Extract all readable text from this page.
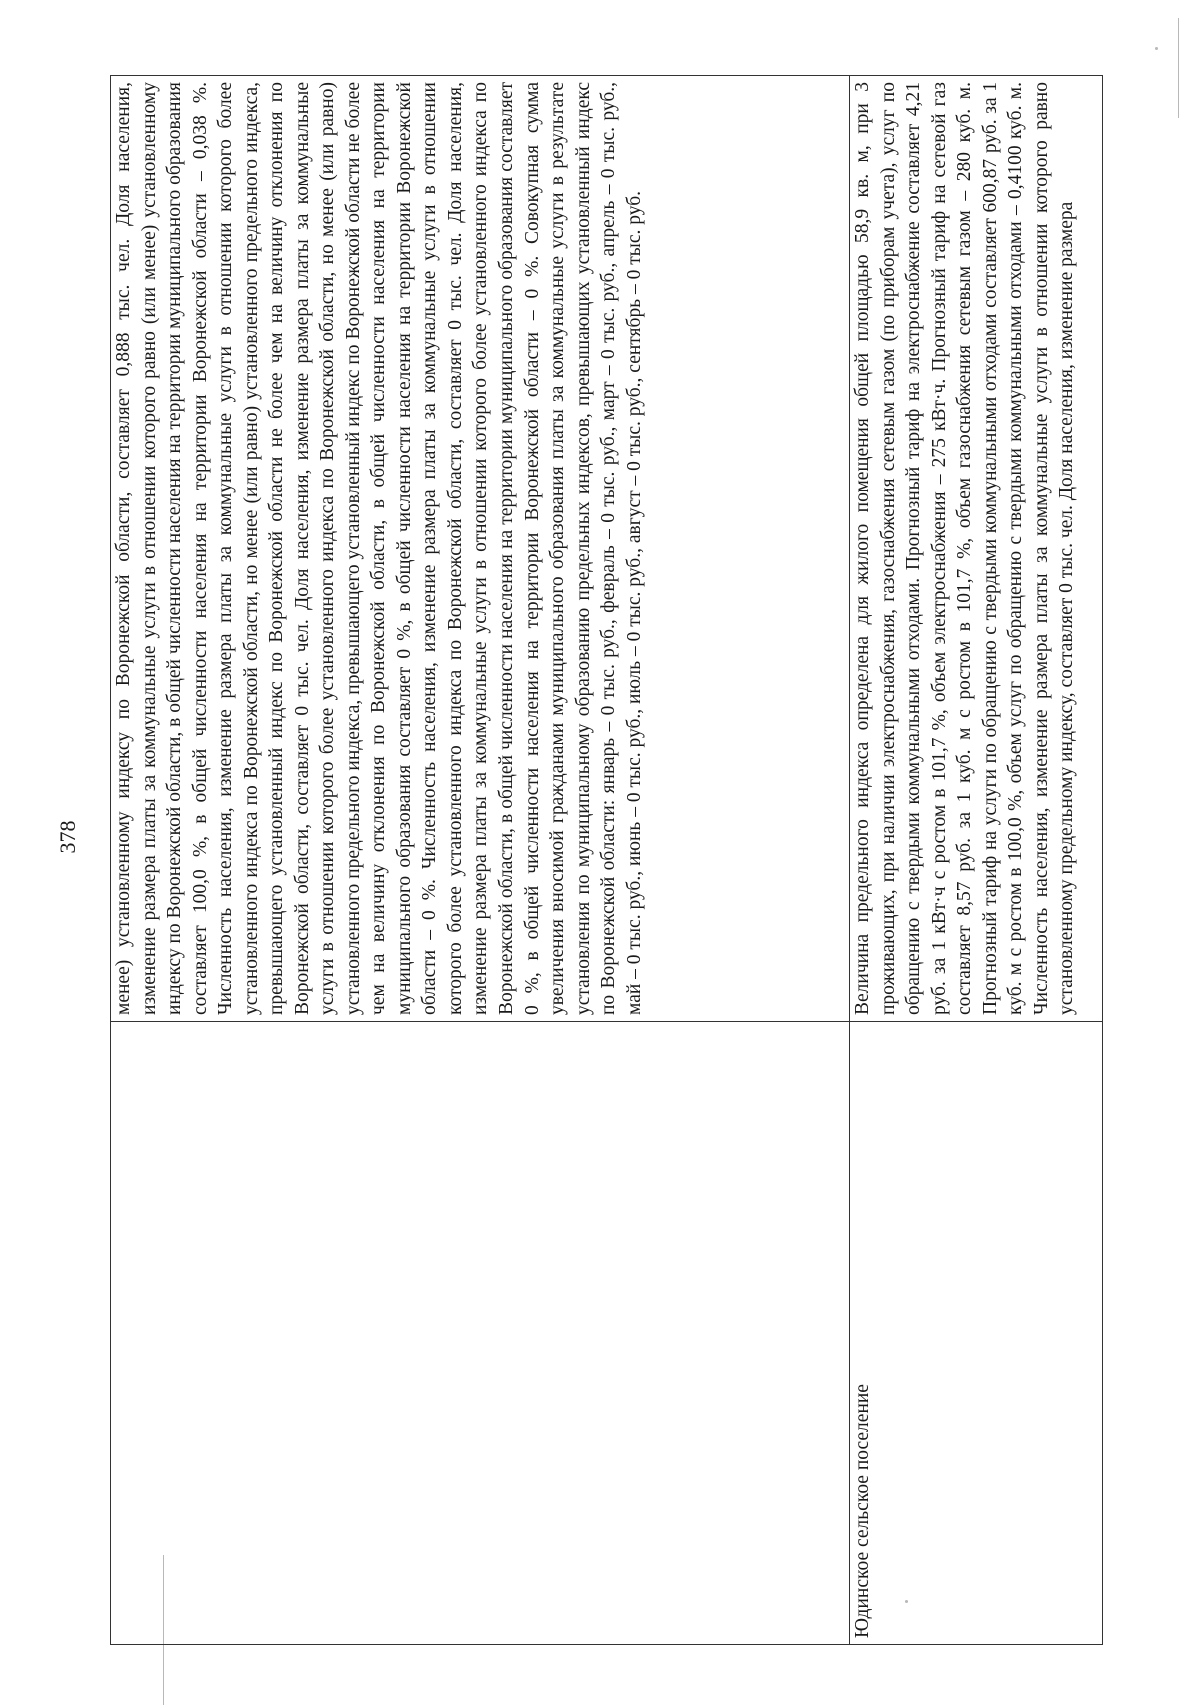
378
	менее) установленному индексу по Воронежской области, составляет 0,888 тыс. чел. Доля населения, изменение размера платы за коммунальные услуги в отношении которого равно (или менее) установленному индексу по Воронежской области, в общей численности населения на территории муниципального образования составляет 100,0 %, в общей численности населения на территории Воронежской области – 0,038 %. Численность населения, изменение размера платы за коммунальные услуги в отношении которого более установленного индекса по Воронежской области, но менее (или равно) установленного предельного индекса, превышающего установленный индекс по Воронежской области не более чем на величину отклонения по Воронежской области, составляет 0 тыс. чел. Доля населения, изменение размера платы за коммунальные услуги в отношении которого более установленного индекса по Воронежской области, но менее (или равно) установленного предельного индекса, превышающего установленный индекс по Воронежской области не более чем на величину отклонения по Воронежской области, в общей численности населения на территории муниципального образования составляет 0 %, в общей численности населения на территории Воронежской области – 0 %. Численность населения, изменение размера платы за коммунальные услуги в отношении которого более установленного индекса по Воронежской области, составляет 0 тыс. чел. Доля населения, изменение размера платы за коммунальные услуги в отношении которого более установленного индекса по Воронежской области, в общей численности населения на территории муниципального образования составляет 0 %, в общей численности населения на территории Воронежской области – 0 %. Совокупная сумма увеличения вносимой гражданами муниципального образования платы за коммунальные услуги в результате установления по муниципальному образованию предельных индексов, превышающих установленный индекс по Воронежской области: январь – 0 тыс. руб., февраль – 0 тыс. руб., март – 0 тыс. руб., апрель – 0 тыс. руб., май – 0 тыс. руб., июнь – 0 тыс. руб., июль – 0 тыс. руб., август – 0 тыс. руб., сентябрь – 0 тыс. руб.
Юдинское сельское поселение	Величина предельного индекса определена для жилого помещения общей площадью 58,9 кв. м, при 3 проживающих, при наличии электроснабжения, газоснабжения сетевым газом (по приборам учета), услуг по обращению с твердыми коммунальными отходами. Прогнозный тариф на электроснабжение составляет 4,21 руб. за 1 кВт·ч с ростом в 101,7 %, объем электроснабжения – 275 кВт·ч. Прогнозный тариф на сетевой газ составляет 8,57 руб. за 1 куб. м с ростом в 101,7 %, объем газоснабжения сетевым газом – 280 куб. м. Прогнозный тариф на услуги по обращению с твердыми коммунальными отходами составляет 600,87 руб. за 1 куб. м с ростом в 100,0 %, объем услуг по обращению с твердыми коммунальными отходами – 0,4100 куб. м. Численность населения, изменение размера платы за коммунальные услуги в отношении которого равно установленному предельному индексу, составляет 0 тыс. чел. Доля населения, изменение размера
